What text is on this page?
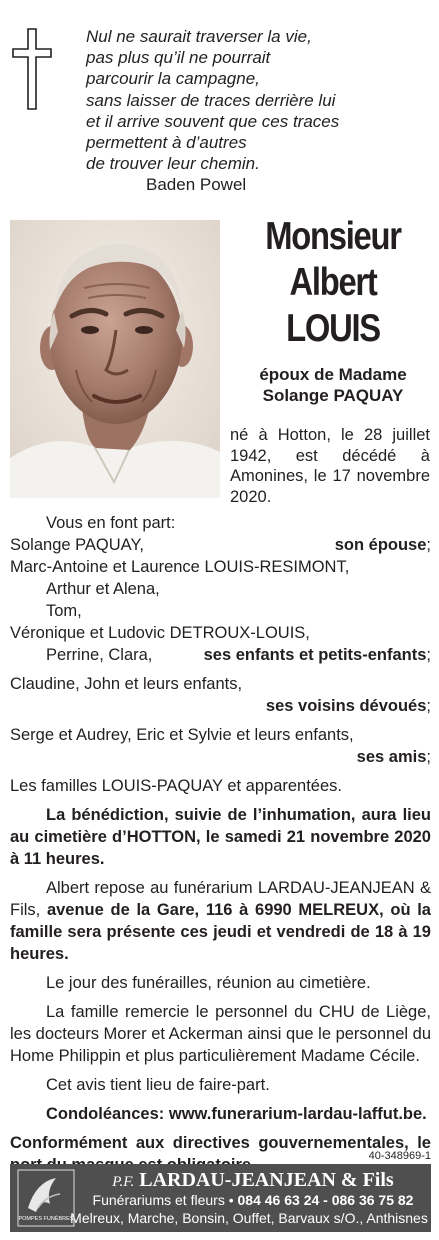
Nul ne saurait traverser la vie,
pas plus qu’il ne pourrait
parcourir la campagne,
sans laisser de traces derrière lui
et il arrive souvent que ces traces
permettent à d’autres
de trouver leur chemin.
Baden Powel
Monsieur
Albert
LOUIS
époux de Madame
Solange PAQUAY
né à Hotton, le 28 juillet 1942, est décédé à Amonines, le 17 novembre 2020.
Vous en font part:
Solange PAQUAY,	son épouse;
Marc-Antoine et Laurence LOUIS-RESIMONT,
Arthur et Alena,
Tom,
Véronique et Ludovic DETROUX-LOUIS,
Perrine, Clara,	ses enfants et petits-enfants;
Claudine, John et leurs enfants,
ses voisins dévoués;
Serge et Audrey, Eric et Sylvie et leurs enfants,
ses amis;
Les familles LOUIS-PAQUAY et apparentées.
La bénédiction, suivie de l’inhumation, aura lieu au cimetière d’HOTTON, le samedi 21 novembre 2020 à 11 heures.
Albert repose au funérarium LARDAU-JEANJEAN & Fils, avenue de la Gare, 116 à 6990 MELREUX, où la famille sera présente ces jeudi et vendredi de 18 à 19 heures.
Le jour des funérailles, réunion au cimetière.
La famille remercie le personnel du CHU de Liège, les docteurs Morer et Ackerman ainsi que le personnel du Home Philippin et plus particulièrement Madame Cécile.
Cet avis tient lieu de faire-part.
Condoléances: www.funerarium-lardau-laffut.be.
Conformément aux directives gouvernementales, le
40-348969-1
POMPES FUNÈBRES
P.F. LARDAU-JEANJEAN & Fils
Funérariums et fleurs • 084 46 63 24 - 086 36 75 82
Melreux, Marche, Bonsin, Ouffet, Barvaux s/O., Anthisnes
